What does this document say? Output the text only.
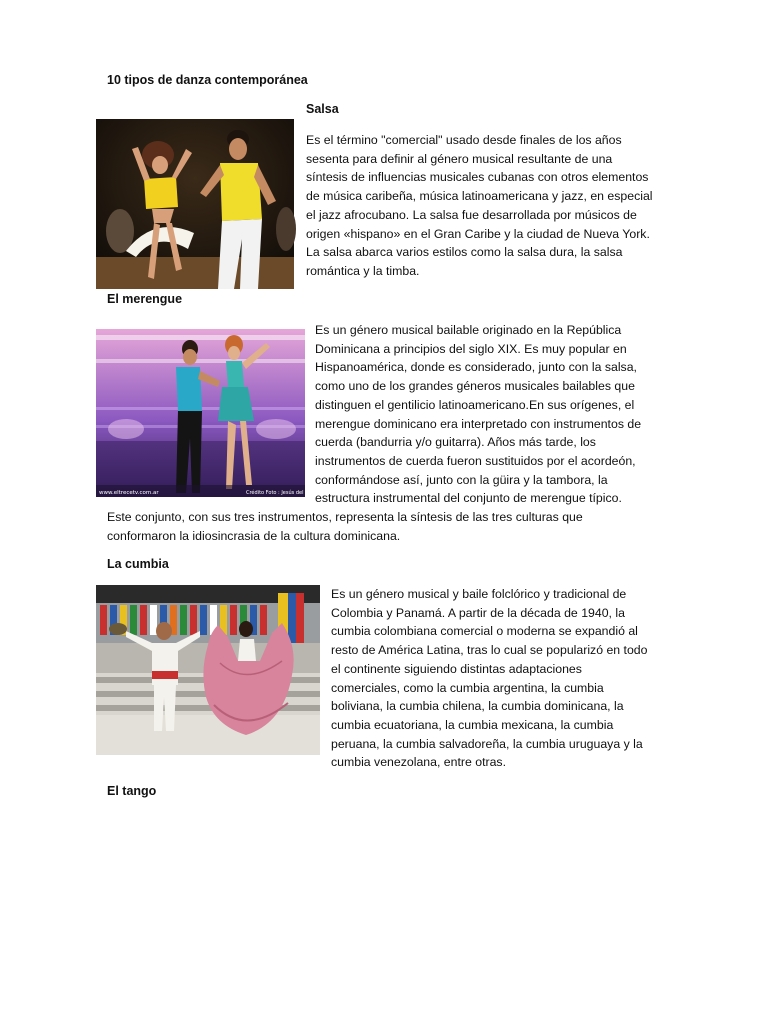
10 tipos de danza contemporánea
Salsa
Es el término "comercial" usado desde finales de los años
sesenta para definir al género musical resultante de una
síntesis de influencias musicales cubanas con otros elementos
de música caribeña, música latinoamericana y jazz, en especial
el jazz afrocubano. La salsa fue desarrollada por músicos de
origen «hispano» en el Gran Caribe y la ciudad de Nueva York.
La salsa abarca varios estilos como la salsa dura, la salsa
romántica y la timba.
El merengue
www.eltrecetv.com.ar	Crédito Foto : Jesús del Sur
Es un género musical bailable originado en la República
Dominicana a principios del siglo XIX. Es muy popular en
Hispanoamérica, donde es considerado, junto con la salsa,
como uno de los grandes géneros musicales bailables que
distinguen el gentilicio latinoamericano.En sus orígenes, el
merengue dominicano era interpretado con instrumentos de
cuerda (bandurria y/o guitarra). Años más tarde, los
instrumentos de cuerda fueron sustituidos por el acordeón,
conformándose así, junto con la güira y la tambora, la
estructura instrumental del conjunto de merengue típico.
Este conjunto, con sus tres instrumentos, representa la síntesis de las tres culturas que
conformaron la idiosincrasia de la cultura dominicana.
La cumbia
Es un género musical y baile folclórico y tradicional de
Colombia y Panamá. A partir de la década de 1940, la
cumbia colombiana comercial o moderna se expandió al
resto de América Latina, tras lo cual se popularizó en todo
el continente siguiendo distintas adaptaciones
comerciales, como la cumbia argentina, la cumbia
boliviana, la cumbia chilena, la cumbia dominicana, la
cumbia ecuatoriana, la cumbia mexicana, la cumbia
peruana, la cumbia salvadoreña, la cumbia uruguaya y la
cumbia venezolana, entre otras.
El tango
